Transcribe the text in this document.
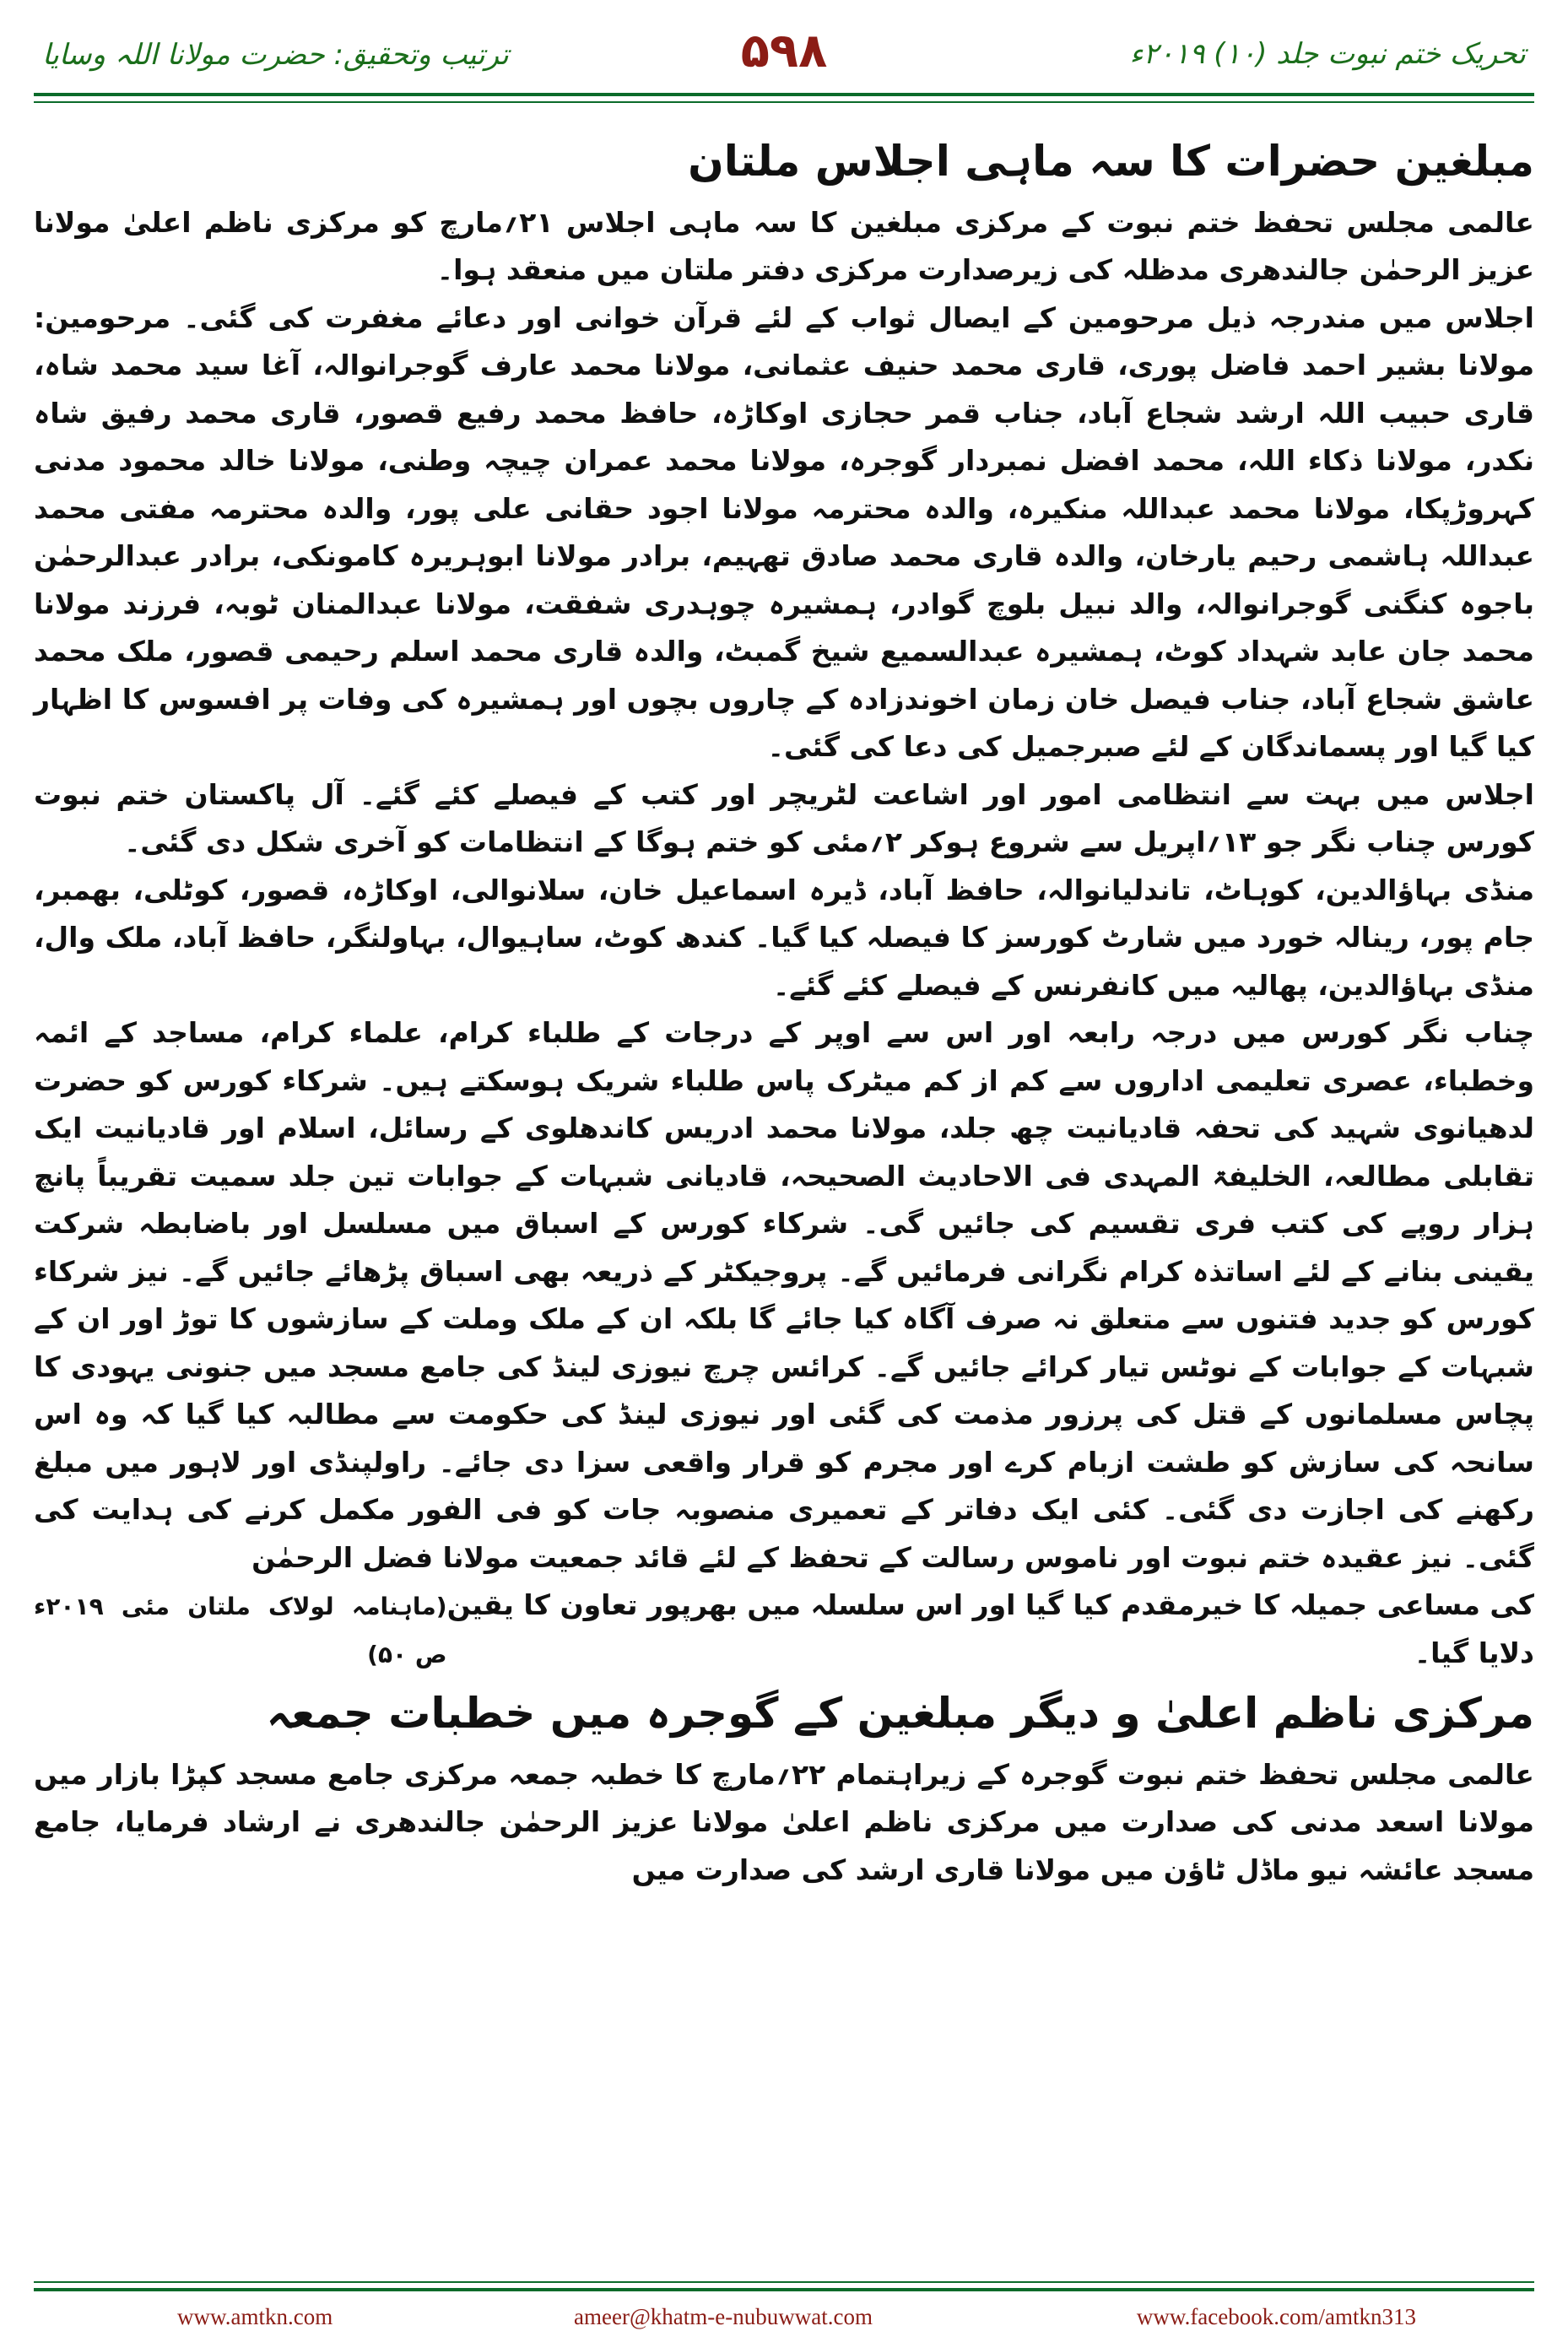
ترتیب وتحقیق: حضرت مولانا اللہ وسایا	۵۹۸	تحریک ختم نبوت جلد (۱۰) ۲۰۱۹ء
مبلغین حضرات کا سہ ماہی اجلاس ملتان

عالمی مجلس تحفظ ختم نبوت کے مرکزی مبلغین کا سہ ماہی اجلاس ۲۱؍مارچ کو مرکزی ناظم اعلیٰ مولانا عزیز الرحمٰن جالندھری مدظلہ کی زیرصدارت مرکزی دفتر ملتان میں منعقد ہوا۔

اجلاس میں مندرجہ ذیل مرحومین کے ایصال ثواب کے لئے قرآن خوانی اور دعائے مغفرت کی گئی۔ مرحومین: مولانا بشیر احمد فاضل پوری، قاری محمد حنیف عثمانی، مولانا محمد عارف گوجرانوالہ، آغا سید محمد شاہ، قاری حبیب اللہ ارشد شجاع آباد، جناب قمر حجازی اوکاڑہ، حافظ محمد رفیع قصور، قاری محمد رفیق شاہ نکدر، مولانا ذکاء اللہ، محمد افضل نمبردار گوجرہ، مولانا محمد عمران چیچہ وطنی، مولانا خالد محمود مدنی کہروڑپکا، مولانا محمد عبداللہ منکیرہ، والدہ محترمہ مولانا اجود حقانی علی پور، والدہ محترمہ مفتی محمد عبداللہ ہاشمی رحیم یارخان، والدہ قاری محمد صادق تھہیم، برادر مولانا ابوہریرہ کامونکی، برادر عبدالرحمٰن باجوہ کنگنی گوجرانوالہ، والد نبیل بلوچ گوادر، ہمشیرہ چوہدری شفقت، مولانا عبدالمنان ٹوبہ، فرزند مولانا محمد جان عابد شہداد کوٹ، ہمشیرہ عبدالسمیع شیخ گمبٹ، والدہ قاری محمد اسلم رحیمی قصور، ملک محمد عاشق شجاع آباد، جناب فیصل خان زمان اخوندزادہ کے چاروں بچوں اور ہمشیرہ کی وفات پر افسوس کا اظہار کیا گیا اور پسماندگان کے لئے صبرجمیل کی دعا کی گئی۔

اجلاس میں بہت سے انتظامی امور اور اشاعت لٹریچر اور کتب کے فیصلے کئے گئے۔ آل پاکستان ختم نبوت کورس چناب نگر جو ۱۳؍اپریل سے شروع ہوکر ۲؍مئی کو ختم ہوگا کے انتظامات کو آخری شکل دی گئی۔

منڈی بہاؤالدین، کوہاٹ، تاندلیانوالہ، حافظ آباد، ڈیرہ اسماعیل خان، سلانوالی، اوکاڑہ، قصور، کوٹلی، بھمبر، جام پور، رینالہ خورد میں شارٹ کورسز کا فیصلہ کیا گیا۔ کندھ کوٹ، ساہیوال، بہاولنگر، حافظ آباد، ملک وال، منڈی بہاؤالدین، پھالیہ میں کانفرنس کے فیصلے کئے گئے۔

چناب نگر کورس میں درجہ رابعہ اور اس سے اوپر کے درجات کے طلباء کرام، علماء کرام، مساجد کے ائمہ وخطباء، عصری تعلیمی اداروں سے کم از کم میٹرک پاس طلباء شریک ہوسکتے ہیں۔ شرکاء کورس کو حضرت لدھیانوی شہید کی تحفہ قادیانیت چھ جلد، مولانا محمد ادریس کاندھلوی کے رسائل، اسلام اور قادیانیت ایک تقابلی مطالعہ، الخلیفۃ المہدی فی الاحادیث الصحیحہ، قادیانی شبہات کے جوابات تین جلد سمیت تقریباً پانچ ہزار روپے کی کتب فری تقسیم کی جائیں گی۔ شرکاء کورس کے اسباق میں مسلسل اور باضابطہ شرکت یقینی بنانے کے لئے اساتذہ کرام نگرانی فرمائیں گے۔ پروجیکٹر کے ذریعہ بھی اسباق پڑھائے جائیں گے۔ نیز شرکاء کورس کو جدید فتنوں سے متعلق نہ صرف آگاہ کیا جائے گا بلکہ ان کے ملک وملت کے سازشوں کا توڑ اور ان کے شبہات کے جوابات کے نوٹس تیار کرائے جائیں گے۔ کرائس چرچ نیوزی لینڈ کی جامع مسجد میں جنونی یہودی کا پچاس مسلمانوں کے قتل کی پرزور مذمت کی گئی اور نیوزی لینڈ کی حکومت سے مطالبہ کیا گیا کہ وہ اس سانحہ کی سازش کو طشت ازبام کرے اور مجرم کو قرار واقعی سزا دی جائے۔ راولپنڈی اور لاہور میں مبلغ رکھنے کی اجازت دی گئی۔ کئی ایک دفاتر کے تعمیری منصوبہ جات کو فی الفور مکمل کرنے کی ہدایت کی گئی۔ نیز عقیدہ ختم نبوت اور ناموس رسالت کے تحفظ کے لئے قائد جمعیت مولانا فضل الرحمٰن

کی مساعی جمیلہ کا خیرمقدم کیا گیا اور اس سلسلہ میں بھرپور تعاون کا یقین دلایا گیا۔
(ماہنامہ لولاک ملتان مئی ۲۰۱۹ء ص ۵۰)
مرکزی ناظم اعلیٰ و دیگر مبلغین کے گوجرہ میں خطبات جمعہ

عالمی مجلس تحفظ ختم نبوت گوجرہ کے زیراہتمام ۲۲؍مارچ کا خطبہ جمعہ مرکزی جامع مسجد کپڑا بازار میں مولانا اسعد مدنی کی صدارت میں مرکزی ناظم اعلیٰ مولانا عزیز الرحمٰن جالندھری نے ارشاد فرمایا، جامع مسجد عائشہ نیو ماڈل ٹاؤن میں مولانا قاری ارشد کی صدارت میں

www.amtkn.com	ameer@khatm-e-nubuwwat.com	www.facebook.com/amtkn313
